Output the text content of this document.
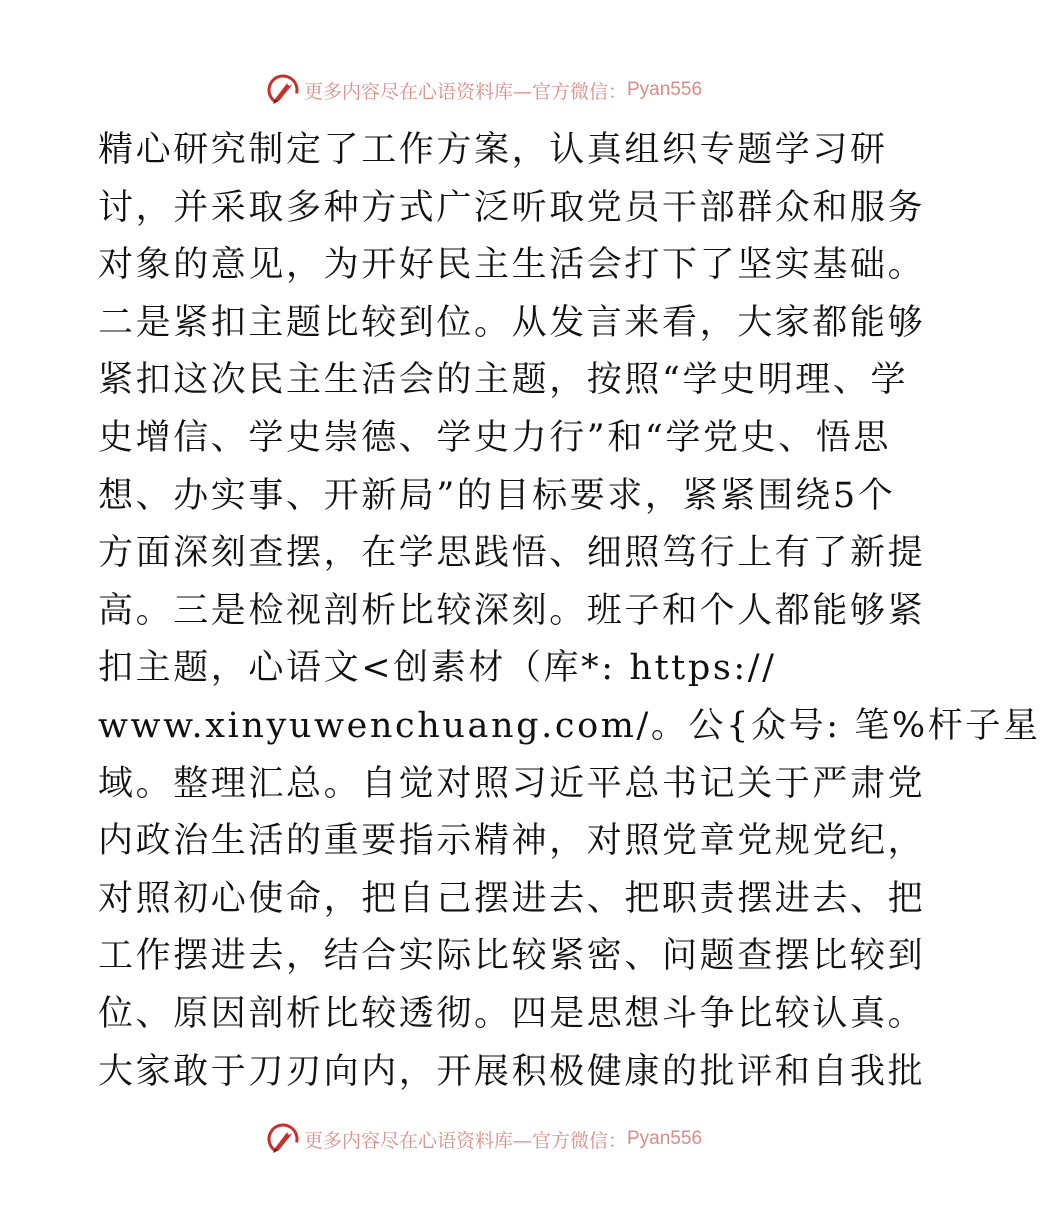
更多内容尽在心语资料库—官方微信： Pyan556
精心研究制定了工作方案，认真组织专题学习研
讨，并采取多种方式广泛听取党员干部群众和服务
对象的意见，为开好民主生活会打下了坚实基础。
二是紧扣主题比较到位。从发言来看，大家都能够
紧扣这次民主生活会的主题，按照“学史明理、学
史增信、学史崇德、学史力行”和“学党史、悟思
想、办实事、开新局”的目标要求，紧紧围绕5个
方面深刻查摆，在学思践悟、细照笃行上有了新提
高。三是检视剖析比较深刻。班子和个人都能够紧
扣主题，心语文<创素材（库*: https://
www.xinyuwenchuang.com/。公{众号: 笔%杆子星
域。整理汇总。自觉对照习近平总书记关于严肃党
内政治生活的重要指示精神，对照党章党规党纪，
对照初心使命，把自己摆进去、把职责摆进去、把
工作摆进去，结合实际比较紧密、问题查摆比较到
位、原因剖析比较透彻。四是思想斗争比较认真。
大家敢于刀刃向内，开展积极健康的批评和自我批
更多内容尽在心语资料库—官方微信： Pyan556
